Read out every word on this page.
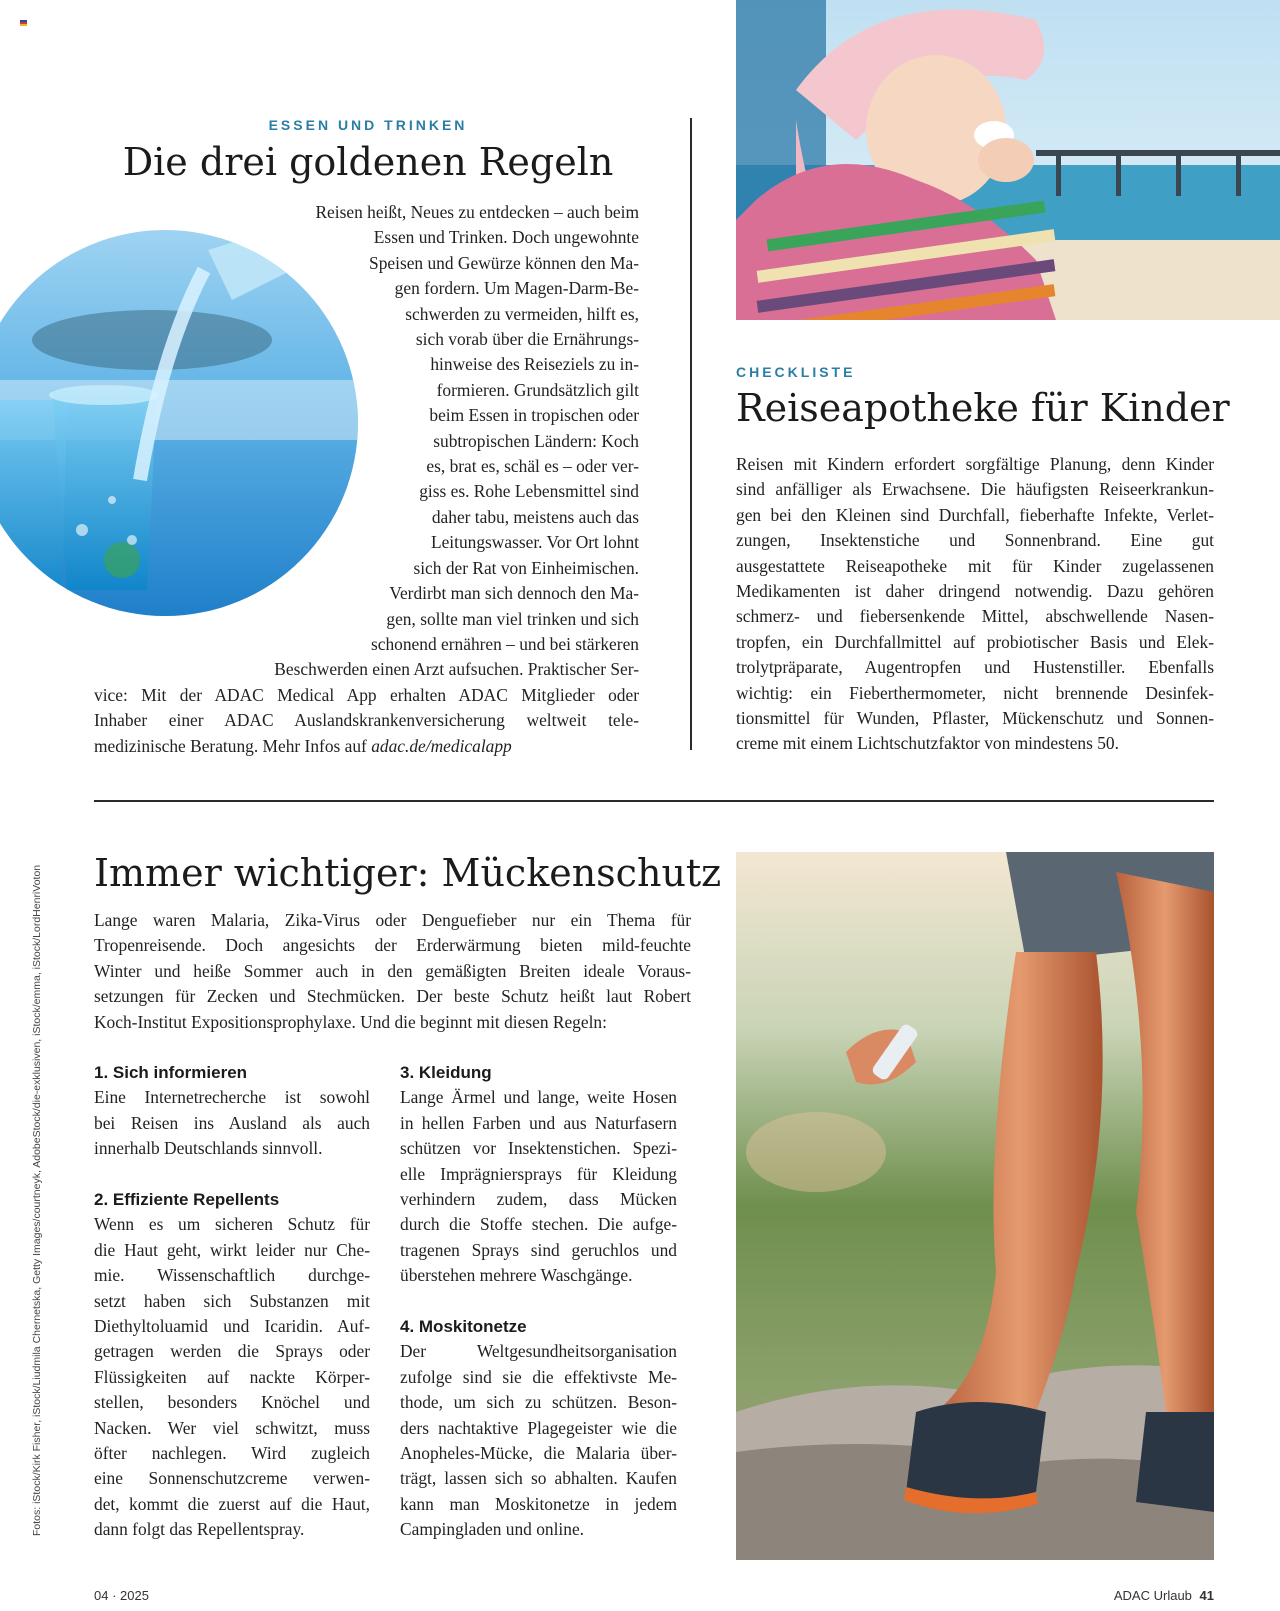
ESSEN UND TRINKEN
Die drei goldenen Regeln
Reisen heißt, Neues zu entdecken – auch beim
Essen und Trinken. Doch ungewohnte
Speisen und Gewürze können den Ma-
gen fordern. Um Magen-Darm-Be-
schwerden zu vermeiden, hilft es,
sich vorab über die Ernährungs-
hinweise des Reiseziels zu in-
formieren. Grundsätzlich gilt
beim Essen in tropischen oder
subtropischen Ländern: Koch
es, brat es, schäl es – oder ver-
giss es. Rohe Lebensmittel sind
daher tabu, meistens auch das
Leitungswasser. Vor Ort lohnt
sich der Rat von Einheimischen.
Verdirbt man sich dennoch den Ma-
gen, sollte man viel trinken und sich
schonend ernähren – und bei stärkeren
Beschwerden einen Arzt aufsuchen. Praktischer Ser-
vice: Mit der ADAC Medical App erhalten ADAC Mitglieder oder
Inhaber einer ADAC Auslandskrankenversicherung weltweit tele-
medizinische Beratung. Mehr Infos auf adac.de/medicalapp
CHECKLISTE
Reiseapotheke für Kinder
Reisen mit Kindern erfordert sorgfältige Planung, denn Kinder
sind anfälliger als Erwachsene. Die häufigsten Reiseerkrankun-
gen bei den Kleinen sind Durchfall, fieberhafte Infekte, Verlet-
zungen, Insektenstiche und Sonnenbrand. Eine gut
ausgestattete Reiseapotheke mit für Kinder zugelassenen
Medikamenten ist daher dringend notwendig. Dazu gehören
schmerz- und fiebersenkende Mittel, abschwellende Nasen-
tropfen, ein Durchfallmittel auf probiotischer Basis und Elek-
trolytpräparate, Augentropfen und Hustenstiller. Ebenfalls
wichtig: ein Fieberthermometer, nicht brennende Desinfek-
tionsmittel für Wunden, Pflaster, Mückenschutz und Sonnen-
creme mit einem Lichtschutzfaktor von mindestens 50.
Fotos: iStock/Kirk Fisher, iStock/Liudmila Chernetska, Getty Images/courtneyk, AdobeStock/die-exklusiven, iStock/emma, iStock/LordHenriVoton Immer wichtiger: Mückenschutz
Lange waren Malaria, Zika-Virus oder Denguefieber nur ein Thema für
Tropenreisende. Doch angesichts der Erderwärmung bieten mild-feuchte
Winter und heiße Sommer auch in den gemäßigten Breiten ideale Voraus-
setzungen für Zecken und Stechmücken. Der beste Schutz heißt laut Robert
Koch-Institut Expositionsprophylaxe. Und die beginnt mit diesen Regeln:
1. Sich informieren
Eine Internetrecherche ist sowohl
bei Reisen ins Ausland als auch
innerhalb Deutschlands sinnvoll.
2. Effiziente Repellents
Wenn es um sicheren Schutz für
die Haut geht, wirkt leider nur Che-
mie. Wissenschaftlich durchge-
setzt haben sich Substanzen mit
Diethyltoluamid und Icaridin. Auf-
getragen werden die Sprays oder
Flüssigkeiten auf nackte Körper-
stellen, besonders Knöchel und
Nacken. Wer viel schwitzt, muss
öfter nachlegen. Wird zugleich
eine Sonnenschutzcreme verwen-
det, kommt die zuerst auf die Haut,
dann folgt das Repellentspray.
3. Kleidung
Lange Ärmel und lange, weite Hosen
in hellen Farben und aus Naturfasern
schützen vor Insektenstichen. Spezi-
elle Imprägniersprays für Kleidung
verhindern zudem, dass Mücken
durch die Stoffe stechen. Die aufge-
tragenen Sprays sind geruchlos und
überstehen mehrere Waschgänge.
4. Moskitonetze
Der Weltgesundheitsorganisation
zufolge sind sie die effektivste Me-
thode, um sich zu schützen. Beson-
ders nachtaktive Plagegeister wie die
Anopheles-Mücke, die Malaria über-
trägt, lassen sich so abhalten. Kaufen
kann man Moskitonetze in jedem
Campingladen und online.
04 · 2025	ADAC Urlaub 41
